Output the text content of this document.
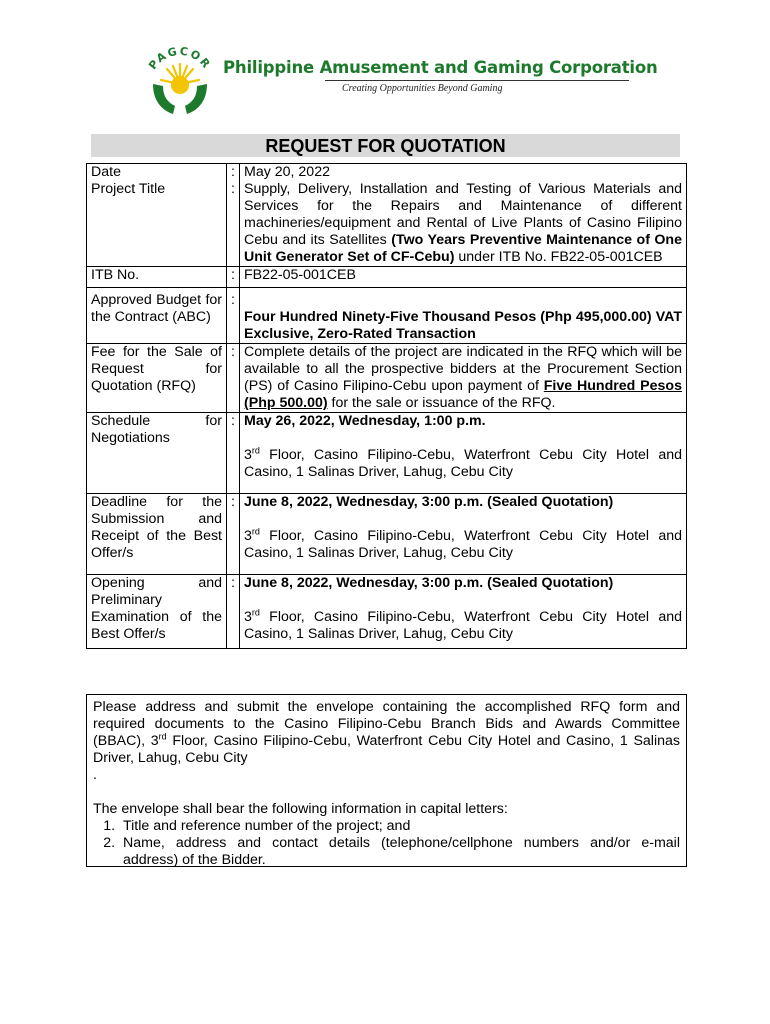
PAGCOR Philippine Amusement and Gaming Corporation
Creating Opportunities Beyond Gaming
REQUEST FOR QUOTATION
Date	:	May 20, 2022
Project Title	:	Supply, Delivery, Installation and Testing of Various Materials and Services for the Repairs and Maintenance of different machineries/equipment and Rental of Live Plants of Casino Filipino Cebu and its Satellites (Two Years Preventive Maintenance of One Unit Generator Set of CF-Cebu) under ITB No. FB22-05-001CEB
ITB No.	:	FB22-05-001CEB

Approved Budget for the Contract (ABC)	:	Four Hundred Ninety-Five Thousand Pesos (Php 495,000.00) VAT Exclusive, Zero-Rated Transaction
Fee for the Sale of Request for Quotation (RFQ)	:	Complete details of the project are indicated in the RFQ which will be available to all the prospective bidders at the Procurement Section (PS) of Casino Filipino-Cebu upon payment of Five Hundred Pesos (Php 500.00) for the sale or issuance of the RFQ.
Schedule for Negotiations	:	May 26, 2022, Wednesday, 1:00 p.m.
3rd Floor, Casino Filipino-Cebu, Waterfront Cebu City Hotel and Casino, 1 Salinas Driver, Lahug, Cebu City

Deadline for the Submission and Receipt of the Best Offer/s	:	June 8, 2022, Wednesday, 3:00 p.m. (Sealed Quotation)
3rd Floor, Casino Filipino-Cebu, Waterfront Cebu City Hotel and Casino, 1 Salinas Driver, Lahug, Cebu City

Opening and Preliminary Examination of the Best Offer/s	:	June 8, 2022, Wednesday, 3:00 p.m. (Sealed Quotation)
3rd Floor, Casino Filipino-Cebu, Waterfront Cebu City Hotel and Casino, 1 Salinas Driver, Lahug, Cebu City
Please address and submit the envelope containing the accomplished RFQ form and required documents to the Casino Filipino-Cebu Branch Bids and Awards Committee (BBAC), 3rd Floor, Casino Filipino-Cebu, Waterfront Cebu City Hotel and Casino, 1 Salinas Driver, Lahug, Cebu City
.
The envelope shall bear the following information in capital letters:
1. Title and reference number of the project; and
2. Name, address and contact details (telephone/cellphone numbers and/or e-mail address) of the Bidder.
